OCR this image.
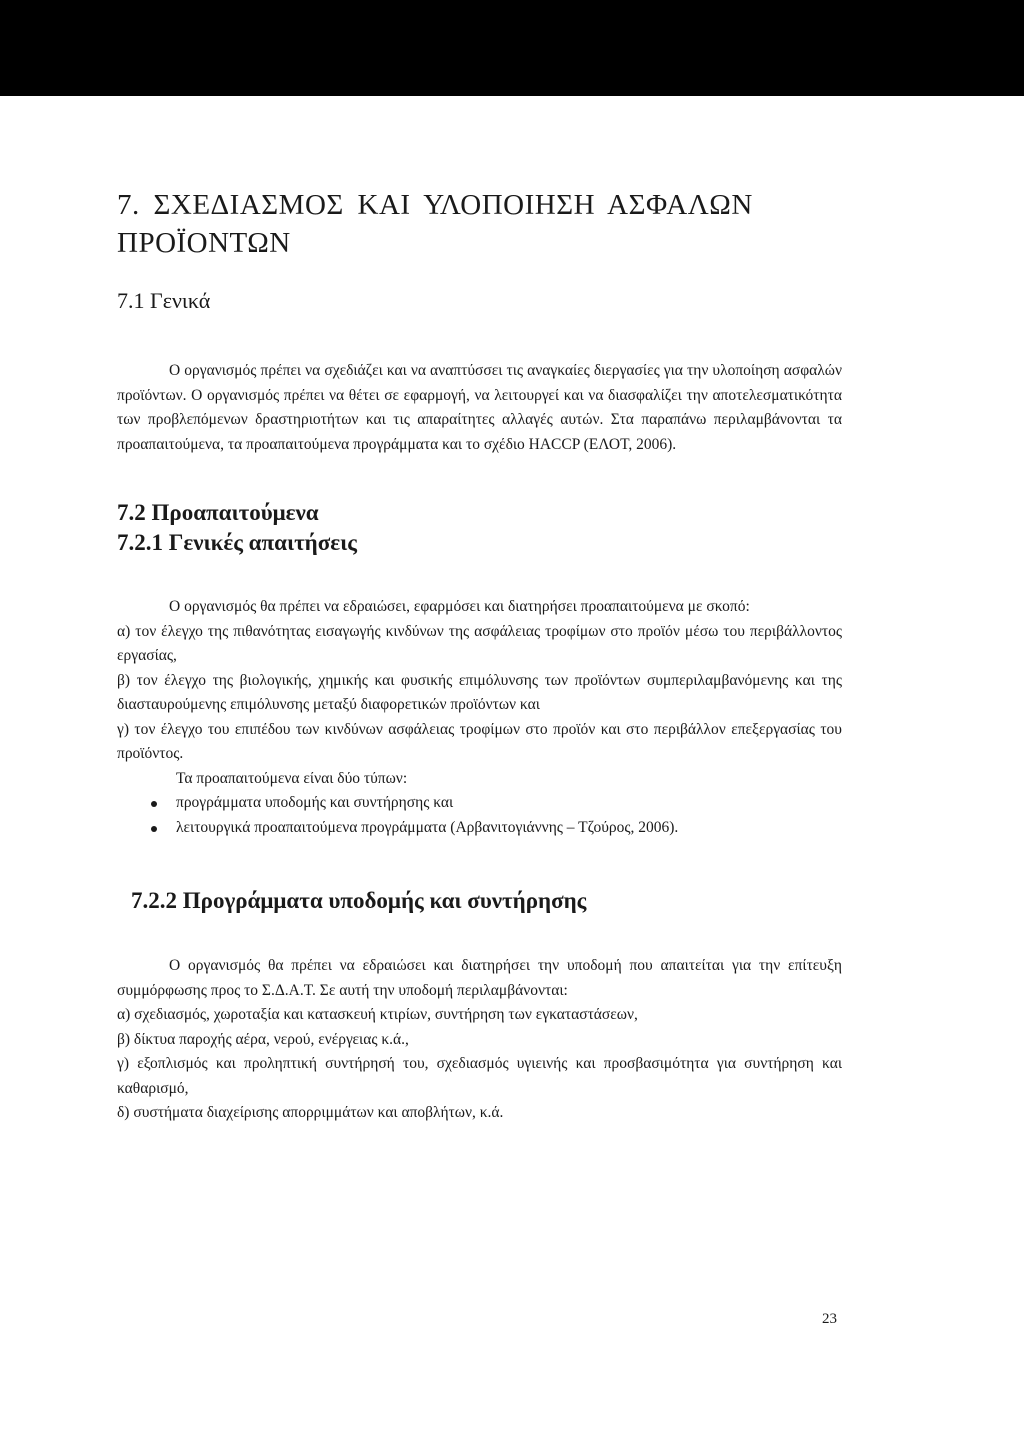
7. ΣΧΕΔΙΑΣΜΟΣ ΚΑΙ ΥΛΟΠΟΙΗΣΗ ΑΣΦΑΛΩΝ
ΠΡΟΪΟΝΤΩΝ
7.1 Γενικά

Ο οργανισμός πρέπει να σχεδιάζει και να αναπτύσσει τις αναγκαίες διεργασίες για την υλοποίηση ασφαλών προϊόντων. Ο οργανισμός πρέπει να θέτει σε εφαρμογή, να λειτουργεί και να διασφαλίζει την αποτελεσματικότητα των προβλεπόμενων δραστηριοτήτων και τις απαραίτητες αλλαγές αυτών. Στα παραπάνω περιλαμβάνονται τα προαπαιτούμενα, τα προαπαιτούμενα προγράμματα και το σχέδιο HACCP (ΕΛΟΤ, 2006).

7.2 Προαπαιτούμενα
7.2.1 Γενικές απαιτήσεις

Ο οργανισμός θα πρέπει να εδραιώσει, εφαρμόσει και διατηρήσει προαπαιτούμενα με σκοπό:

α) τον έλεγχο της πιθανότητας εισαγωγής κινδύνων της ασφάλειας τροφίμων στο προϊόν μέσω του περιβάλλοντος εργασίας,

β) τον έλεγχο της βιολογικής, χημικής και φυσικής επιμόλυνσης των προϊόντων συμπεριλαμβανόμενης και της διασταυρούμενης επιμόλυνσης μεταξύ διαφορετικών προϊόντων και

γ) τον έλεγχο του επιπέδου των κινδύνων ασφάλειας τροφίμων στο προϊόν και στο περιβάλλον επεξεργασίας του προϊόντος.

Τα προαπαιτούμενα είναι δύο τύπων:

προγράμματα υποδομής και συντήρησης και
λειτουργικά προαπαιτούμενα προγράμματα (Αρβανιτογιάννης – Τζούρος, 2006).
7.2.2 Προγράμματα υποδομής και συντήρησης

Ο οργανισμός θα πρέπει να εδραιώσει και διατηρήσει την υποδομή που απαιτείται για την επίτευξη συμμόρφωσης προς το Σ.Δ.Α.Τ. Σε αυτή την υποδομή περιλαμβάνονται:

α) σχεδιασμός, χωροταξία και κατασκευή κτιρίων, συντήρηση των εγκαταστάσεων,

β) δίκτυα παροχής αέρα, νερού, ενέργειας κ.ά.,

γ) εξοπλισμός και προληπτική συντήρησή του, σχεδιασμός υγιεινής και προσβασιμότητα για συντήρηση και καθαρισμό,

δ) συστήματα διαχείρισης απορριμμάτων και αποβλήτων, κ.ά.

23
